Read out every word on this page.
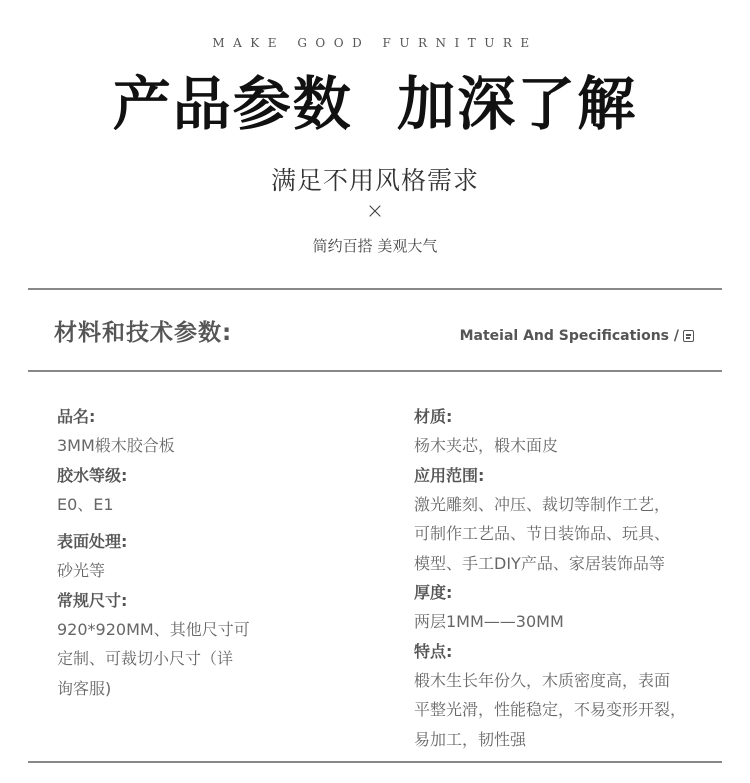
MAKE GOOD FURNITURE
产品参数  加深了解
满足不用风格需求
×
简约百搭 美观大气
材料和技术参数:	Mateial And Specifications /
品名:
3MM椴木胶合板
胶水等级:
E0、E1
表面处理:
砂光等
常规尺寸:
920*920MM、其他尺寸可
定制、可裁切小尺寸（详
询客服)
材质:
杨木夹芯，椴木面皮
应用范围:
激光雕刻、冲压、裁切等制作工艺，
可制作工艺品、节日装饰品、玩具、
模型、手工DIY产品、家居装饰品等
厚度:
两层1MM——30MM
特点:
椴木生长年份久，木质密度高，表面
平整光滑，性能稳定，不易变形开裂，
易加工，韧性强
